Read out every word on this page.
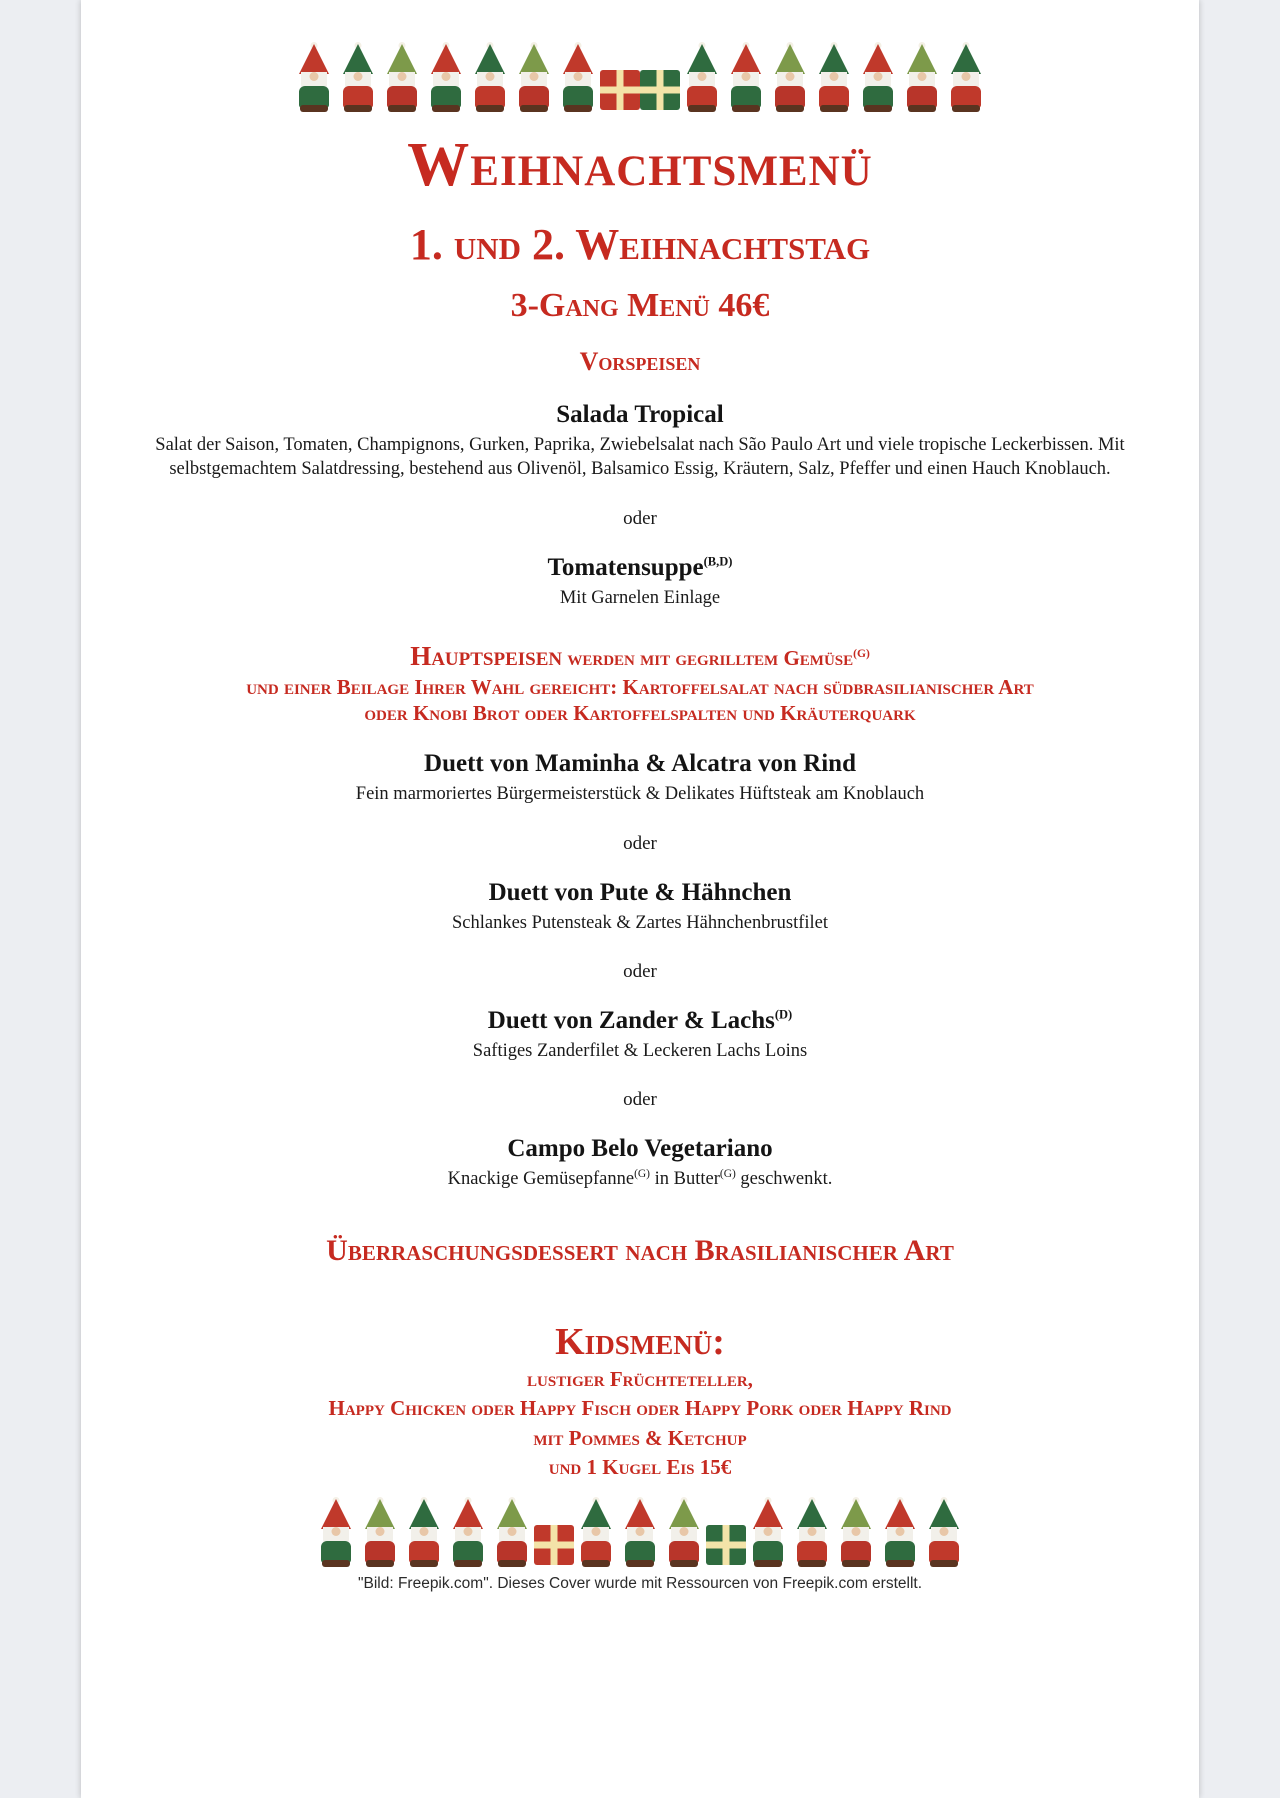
Weihnachtsmenü
1. und 2. Weihnachtstag
3-Gang Menü 46€
Vorspeisen
Salada Tropical

Salat der Saison, Tomaten, Champignons, Gurken, Paprika, Zwiebelsalat nach São Paulo Art und viele tropische Leckerbissen. Mit selbstgemachtem Salatdressing, bestehend aus Olivenöl, Balsamico Essig, Kräutern, Salz, Pfeffer und einen Hauch Knoblauch.

oder

Tomatensuppe$^{(B,D)}$

Mit Garnelen Einlage

Hauptspeisen werden mit gegrilltem Gemüse$^{(G)}$
und einer Beilage Ihrer Wahl gereicht: Kartoffelsalat nach südbrasilianischer Art
oder Knobi Brot oder Kartoffelspalten und Kräuterquark
Duett von Maminha & Alcatra von Rind

Fein marmoriertes Bürgermeisterstück & Delikates Hüftsteak am Knoblauch

oder

Duett von Pute & Hähnchen

Schlankes Putensteak & Zartes Hähnchenbrustfilet

oder

Duett von Zander & Lachs$^{(D)}$

Saftiges Zanderfilet & Leckeren Lachs Loins

oder

Campo Belo Vegetariano

Knackige Gemüsepfanne$^{(G)}$ in Butter$^{(G)}$ geschwenkt.

Überraschungsdessert nach Brasilianischer Art
Kidsmenü:
lustiger Früchteteller,
Happy Chicken oder Happy Fisch oder Happy Pork oder Happy Rind
mit Pommes & Ketchup
und 1 Kugel Eis 15€

"Bild: Freepik.com". Dieses Cover wurde mit Ressourcen von Freepik.com erstellt.
